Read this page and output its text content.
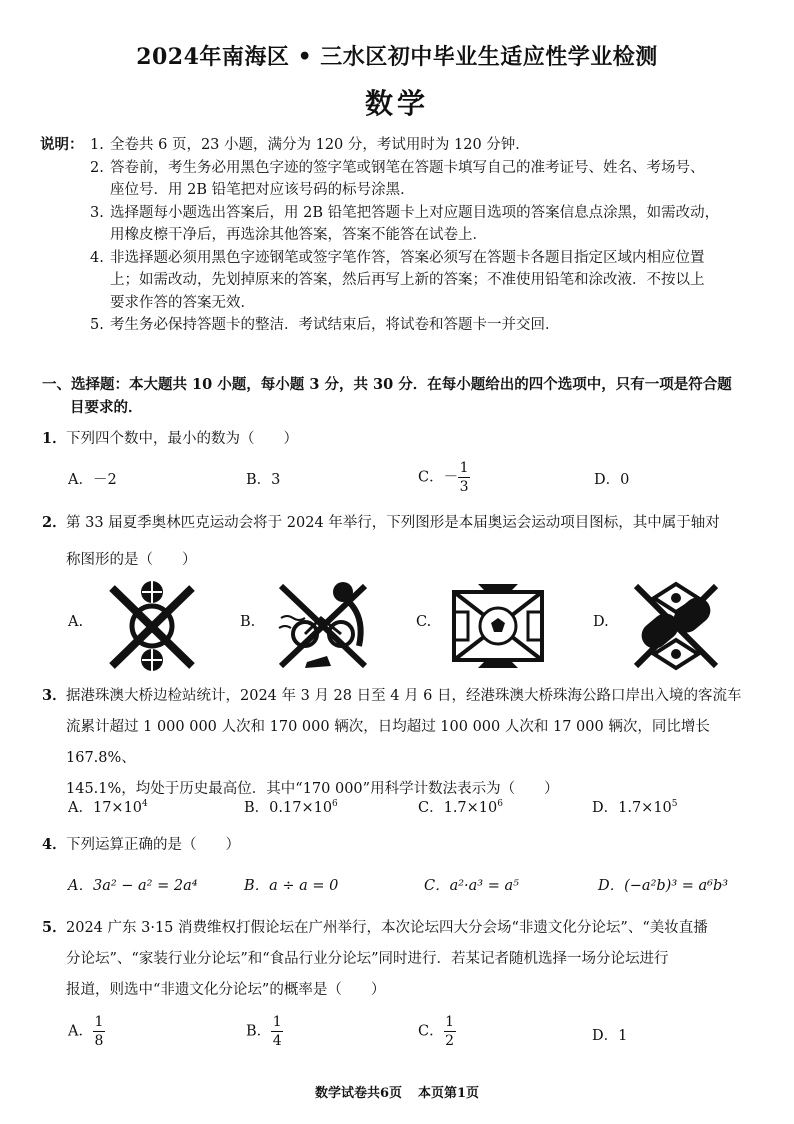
2024年南海区 • 三水区初中毕业生适应性学业检测
数学
说明： 1. 全卷共 6 页，23 小题，满分为 120 分，考试用时为 120 分钟．
2. 答卷前，考生务必用黑色字迹的签字笔或钢笔在答题卡填写自己的准考证号、姓名、考场号、
座位号．用 2B 铅笔把对应该号码的标号涂黑．
3. 选择题每小题选出答案后，用 2B 铅笔把答题卡上对应题目选项的答案信息点涂黑，如需改动，
用橡皮檫干净后，再选涂其他答案，答案不能答在试卷上．
4. 非选择题必须用黑色字迹钢笔或签字笔作答，答案必须写在答题卡各题目指定区域内相应位置
上；如需改动，先划掉原来的答案，然后再写上新的答案；不准使用铅笔和涂改液．不按以上
要求作答的答案无效．
5. 考生务必保持答题卡的整洁．考试结束后，将试卷和答题卡一并交回．
一、选择题：本大题共 10 小题，每小题 3 分，共 30 分．在每小题给出的四个选项中，只有一项是符合题
目要求的．
1．下列四个数中，最小的数为（　　）
A．－2	B．3	C．－ $\frac{1}{3}$	D．0
2．第 33 届夏季奥林匹克运动会将于 2024 年举行，下列图形是本届奥运会运动项目图标，其中属于轴对
称图形的是（　　）
A.	B.	C.	D.
3．据港珠澳大桥边检站统计，2024 年 3 月 28 日至 4 月 6 日，经港珠澳大桥珠海公路口岸出入境的客流车
流累计超过 1 000 000 人次和 170 000 辆次，日均超过 100 000 人次和 17 000 辆次，同比增长 167.8%、
145.1%，均处于历史最高位．其中“170 000”用科学计数法表示为（　　）
A．$17\times 10^4$	B．$0.17\times 10^6$	C．$1.7\times 10^6$	D．$1.7\times 10^5$
4．下列运算正确的是（　　）
A．3a² − a² = 2a⁴	B．a ÷ a = 0	C．a²·a³ = a⁵	D．(−a²b)³ = a⁶b³
5．2024 广东 3·15 消费维权打假论坛在广州举行，本次论坛四大分会场“非遗文化分论坛”、“美妆直播
分论坛”、“家装行业分论坛”和“食品行业分论坛”同时进行．若某记者随机选择一场分论坛进行
报道，则选中“非遗文化分论坛”的概率是（　　）
A． $\frac{1}{8}$	B． $\frac{1}{4}$	C． $\frac{1}{2}$	D．1
数学试卷共6页 本页第1页
